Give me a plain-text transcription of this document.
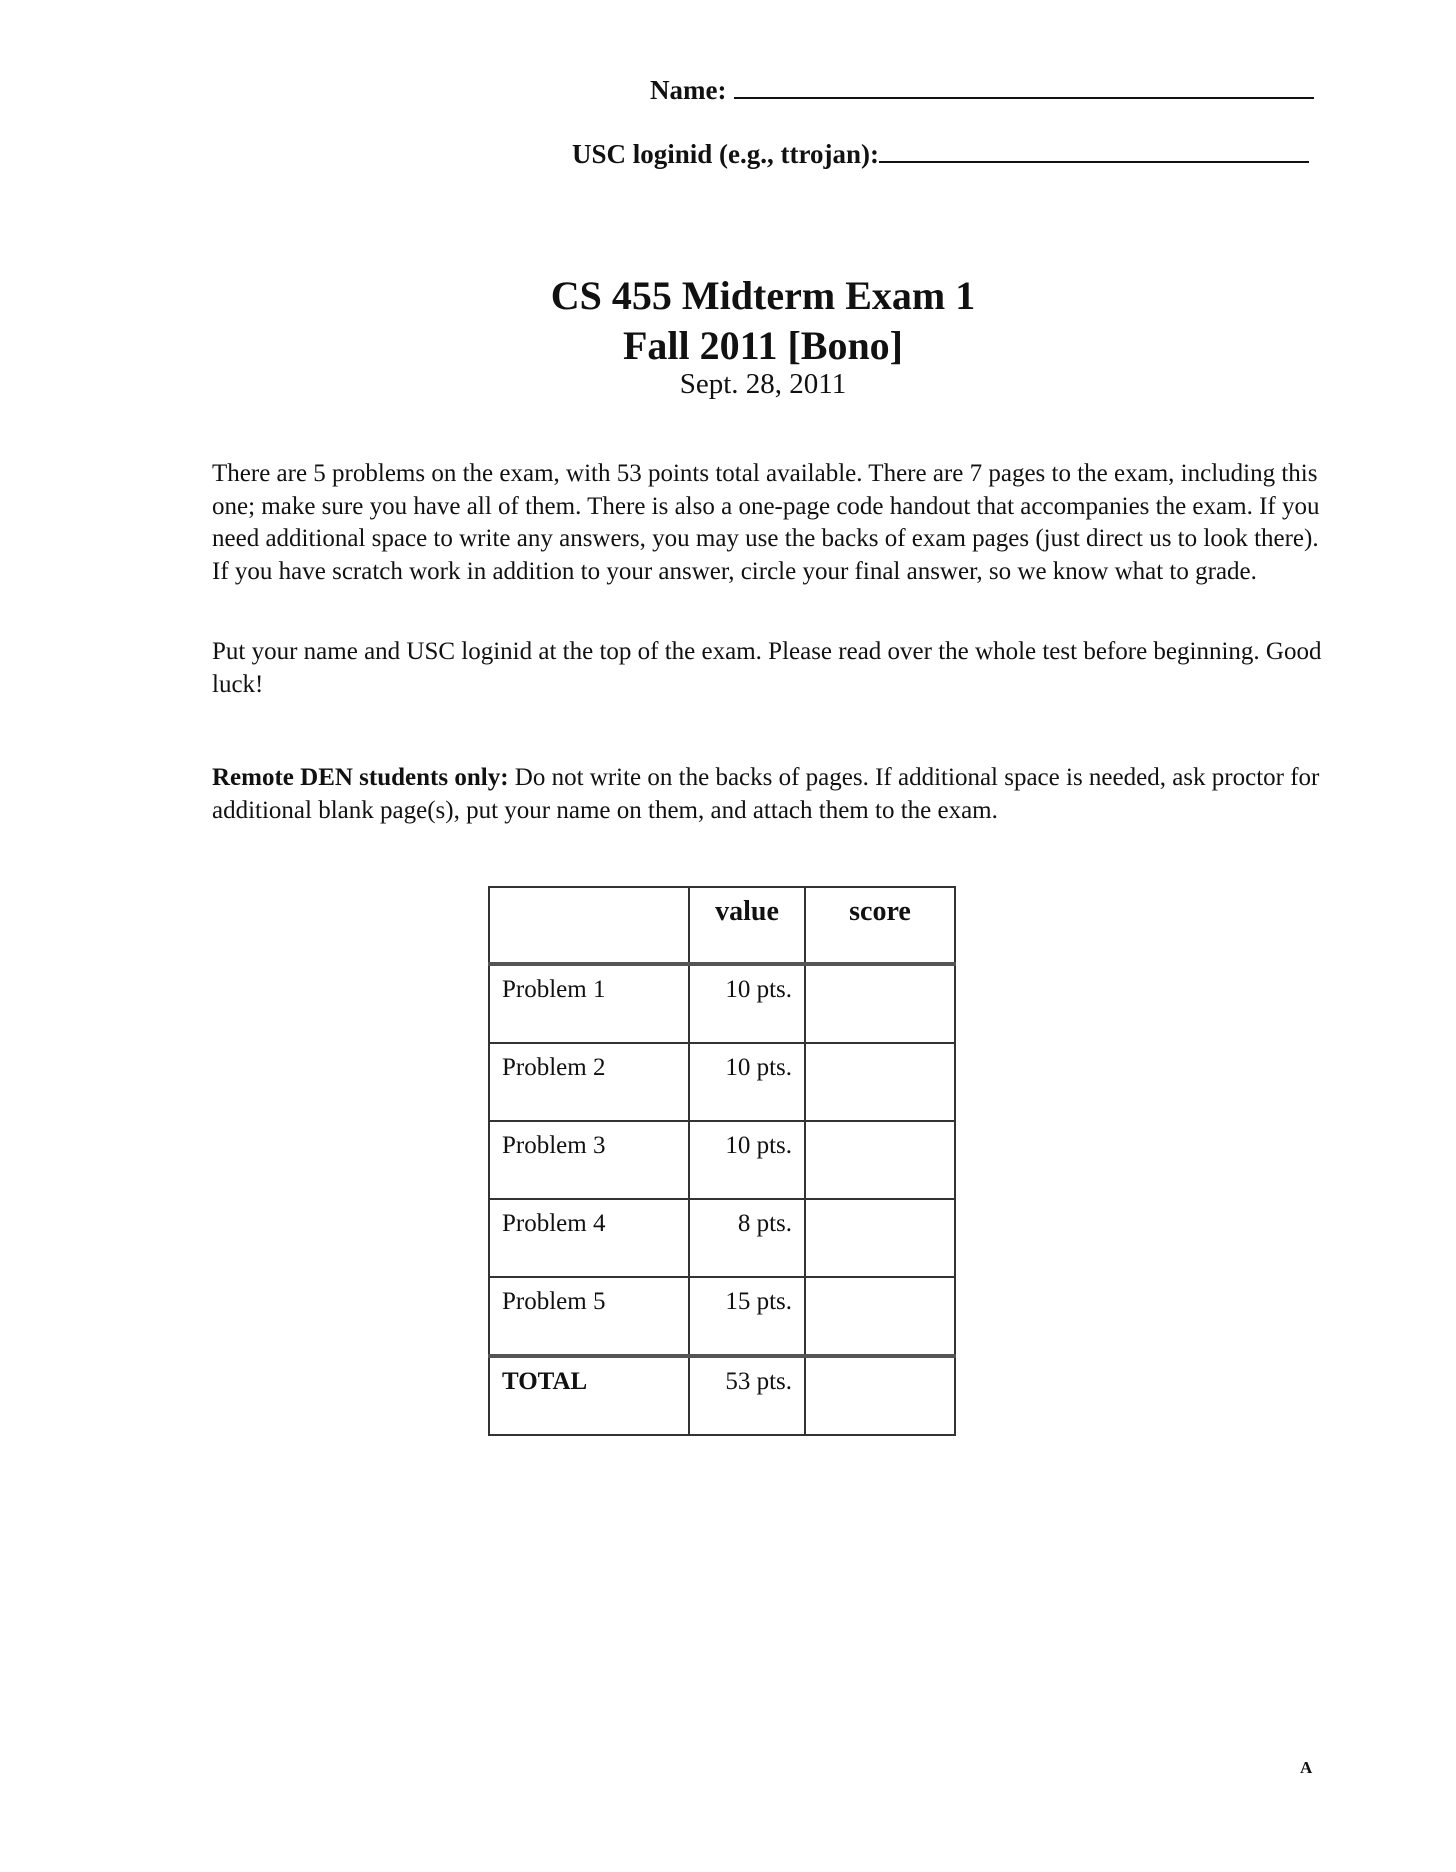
Name:
USC loginid (e.g., ttrojan):
CS 455 Midterm Exam 1
Fall 2011 [Bono]
Sept. 28, 2011
There are 5 problems on the exam, with 53 points total available. There are 7 pages to the exam, including this one; make sure you have all of them. There is also a one-page code handout that accompanies the exam. If you need additional space to write any answers, you may use the backs of exam pages (just direct us to look there). If you have scratch work in addition to your answer, circle your final answer, so we know what to grade.
Put your name and USC loginid at the top of the exam. Please read over the whole test before beginning. Good luck!
Remote DEN students only: Do not write on the backs of pages. If additional space is needed, ask proctor for additional blank page(s), put your name on them, and attach them to the exam.
	value	score
Problem 1	10 pts.	
Problem 2	10 pts.	
Problem 3	10 pts.	
Problem 4	8 pts.	
Problem 5	15 pts.	
TOTAL	53 pts.	
A
